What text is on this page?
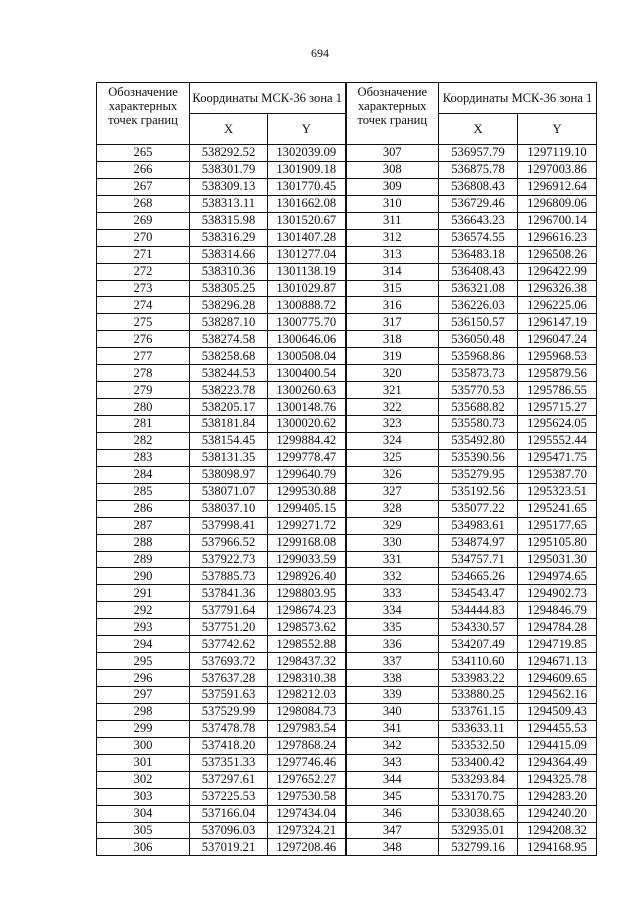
694
Обозначение характерных точек границ	Координаты МСК-36 зона 1		Обозначение характерных точек границ	Координаты МСК-36 зона 1	
	X	Y		X	Y
265	538292.52	1302039.09	307	536957.79	1297119.10
266	538301.79	1301909.18	308	536875.78	1297003.86
267	538309.13	1301770.45	309	536808.43	1296912.64
268	538313.11	1301662.08	310	536729.46	1296809.06
269	538315.98	1301520.67	311	536643.23	1296700.14
270	538316.29	1301407.28	312	536574.55	1296616.23
271	538314.66	1301277.04	313	536483.18	1296508.26
272	538310.36	1301138.19	314	536408.43	1296422.99
273	538305.25	1301029.87	315	536321.08	1296326.38
274	538296.28	1300888.72	316	536226.03	1296225.06
275	538287.10	1300775.70	317	536150.57	1296147.19
276	538274.58	1300646.06	318	536050.48	1296047.24
277	538258.68	1300508.04	319	535968.86	1295968.53
278	538244.53	1300400.54	320	535873.73	1295879.56
279	538223.78	1300260.63	321	535770.53	1295786.55
280	538205.17	1300148.76	322	535688.82	1295715.27
281	538181.84	1300020.62	323	535580.73	1295624.05
282	538154.45	1299884.42	324	535492.80	1295552.44
283	538131.35	1299778.47	325	535390.56	1295471.75
284	538098.97	1299640.79	326	535279.95	1295387.70
285	538071.07	1299530.88	327	535192.56	1295323.51
286	538037.10	1299405.15	328	535077.22	1295241.65
287	537998.41	1299271.72	329	534983.61	1295177.65
288	537966.52	1299168.08	330	534874.97	1295105.80
289	537922.73	1299033.59	331	534757.71	1295031.30
290	537885.73	1298926.40	332	534665.26	1294974.65
291	537841.36	1298803.95	333	534543.47	1294902.73
292	537791.64	1298674.23	334	534444.83	1294846.79
293	537751.20	1298573.62	335	534330.57	1294784.28
294	537742.62	1298552.88	336	534207.49	1294719.85
295	537693.72	1298437.32	337	534110.60	1294671.13
296	537637.28	1298310.38	338	533983.22	1294609.65
297	537591.63	1298212.03	339	533880.25	1294562.16
298	537529.99	1298084.73	340	533761.15	1294509.43
299	537478.78	1297983.54	341	533633.11	1294455.53
300	537418.20	1297868.24	342	533532.50	1294415.09
301	537351.33	1297746.46	343	533400.42	1294364.49
302	537297.61	1297652.27	344	533293.84	1294325.78
303	537225.53	1297530.58	345	533170.75	1294283.20
304	537166.04	1297434.04	346	533038.65	1294240.20
305	537096.03	1297324.21	347	532935.01	1294208.32
306	537019.21	1297208.46	348	532799.16	1294168.95
